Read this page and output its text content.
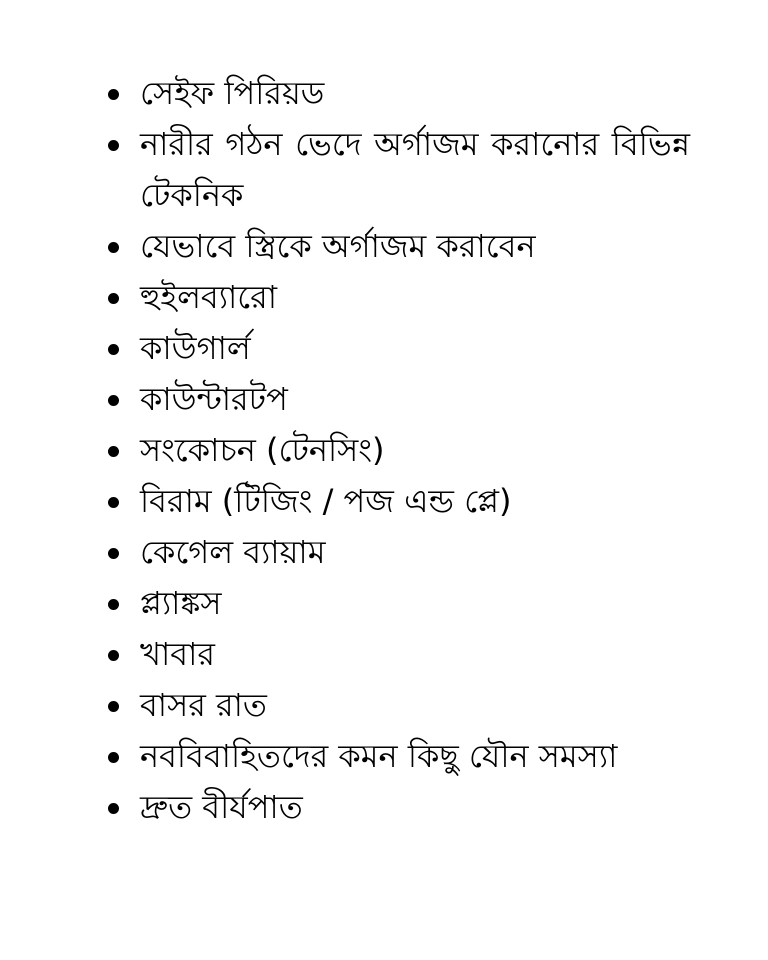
সেইফ পিরিয়ড
নারীর গঠন ভেদে অর্গাজম করানোর বিভিন্ন টেকনিক
যেভাবে স্ত্রিকে অর্গাজম করাবেন
হুইলব্যারো
কাউগার্ল
কাউন্টারটপ
সংকোচন (টেনসিং)
বিরাম (টিজিং / পজ এন্ড প্লে)
কেগেল ব্যায়াম
প্ল্যাঙ্কস
খাবার
বাসর রাত
নববিবাহিতদের কমন কিছু যৌন সমস্যা
দ্রুত বীর্যপাত
